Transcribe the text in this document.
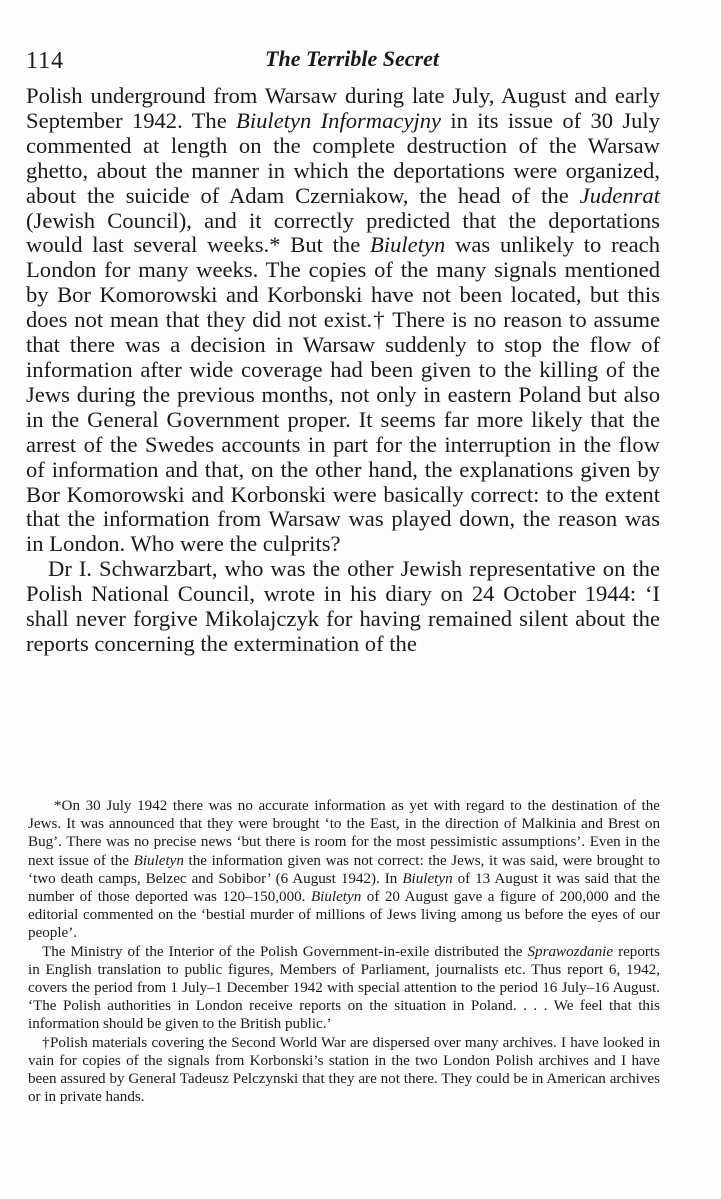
114	The Terrible Secret

Polish underground from Warsaw during late July, August and early September 1942. The Biuletyn Informacyjny in its issue of 30 July commented at length on the complete destruction of the Warsaw ghetto, about the manner in which the deportations were organized, about the suicide of Adam Czerniakow, the head of the Judenrat (Jewish Council), and it correctly predicted that the deportations would last several weeks.* But the Biuletyn was unlikely to reach London for many weeks. The copies of the many signals mentioned by Bor Komorowski and Korbonski have not been located, but this does not mean that they did not exist.† There is no reason to assume that there was a decision in Warsaw suddenly to stop the flow of information after wide coverage had been given to the killing of the Jews during the previous months, not only in eastern Poland but also in the General Government proper. It seems far more likely that the arrest of the Swedes accounts in part for the interruption in the flow of information and that, on the other hand, the explanations given by Bor Komorowski and Korbonski were basically correct: to the extent that the information from Warsaw was played down, the reason was in London. Who were the culprits?

Dr I. Schwarzbart, who was the other Jewish representative on the Polish National Council, wrote in his diary on 24 October 1944: ‘I shall never forgive Mikolajczyk for having remained silent about the reports concerning the extermination of the

*On 30 July 1942 there was no accurate information as yet with regard to the destination of the Jews. It was announced that they were brought ‘to the East, in the direction of Malkinia and Brest on Bug’. There was no precise news ‘but there is room for the most pessimistic assumptions’. Even in the next issue of the Biuletyn the information given was not correct: the Jews, it was said, were brought to ‘two death camps, Belzec and Sobibor’ (6 August 1942). In Biuletyn of 13 August it was said that the number of those deported was 120–150,000. Biuletyn of 20 August gave a figure of 200,000 and the editorial commented on the ‘bestial murder of millions of Jews living among us before the eyes of our people’.

The Ministry of the Interior of the Polish Government-in-exile distributed the Sprawozdanie reports in English translation to public figures, Members of Parliament, journalists etc. Thus report 6, 1942, covers the period from 1 July–1 December 1942 with special attention to the period 16 July–16 August. ‘The Polish authorities in London receive reports on the situation in Poland. . . . We feel that this information should be given to the British public.’

†Polish materials covering the Second World War are dispersed over many archives. I have looked in vain for copies of the signals from Korbonski’s station in the two London Polish archives and I have been assured by General Tadeusz Pelczynski that they are not there. They could be in American archives or in private hands.
